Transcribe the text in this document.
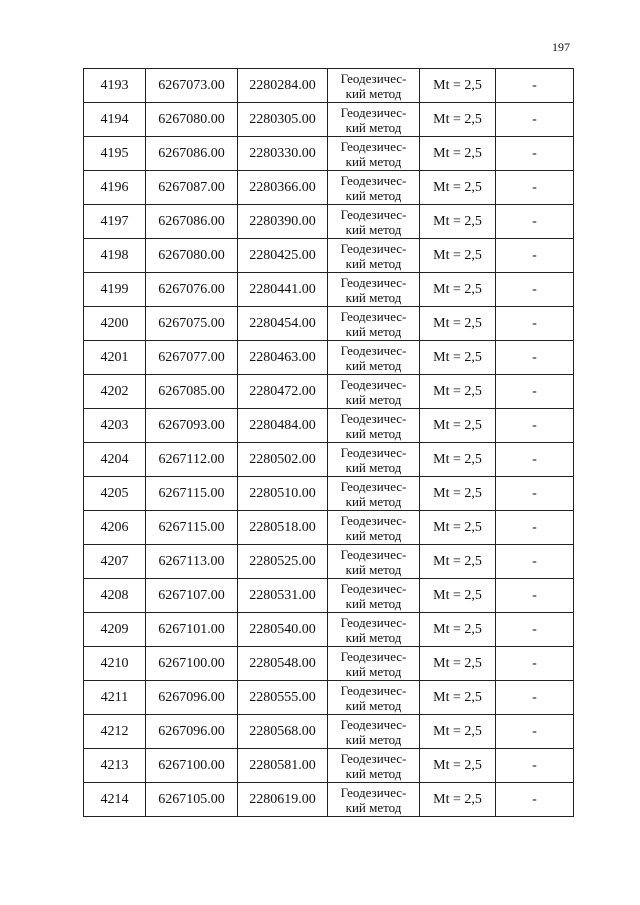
197
4193	6267073.00	2280284.00	Геодезичес-
кий метод	Mt = 2,5	-
4194	6267080.00	2280305.00	Геодезичес-
кий метод	Mt = 2,5	-
4195	6267086.00	2280330.00	Геодезичес-
кий метод	Mt = 2,5	-
4196	6267087.00	2280366.00	Геодезичес-
кий метод	Mt = 2,5	-
4197	6267086.00	2280390.00	Геодезичес-
кий метод	Mt = 2,5	-
4198	6267080.00	2280425.00	Геодезичес-
кий метод	Mt = 2,5	-
4199	6267076.00	2280441.00	Геодезичес-
кий метод	Mt = 2,5	-
4200	6267075.00	2280454.00	Геодезичес-
кий метод	Mt = 2,5	-
4201	6267077.00	2280463.00	Геодезичес-
кий метод	Mt = 2,5	-
4202	6267085.00	2280472.00	Геодезичес-
кий метод	Mt = 2,5	-
4203	6267093.00	2280484.00	Геодезичес-
кий метод	Mt = 2,5	-
4204	6267112.00	2280502.00	Геодезичес-
кий метод	Mt = 2,5	-
4205	6267115.00	2280510.00	Геодезичес-
кий метод	Mt = 2,5	-
4206	6267115.00	2280518.00	Геодезичес-
кий метод	Mt = 2,5	-
4207	6267113.00	2280525.00	Геодезичес-
кий метод	Mt = 2,5	-
4208	6267107.00	2280531.00	Геодезичес-
кий метод	Mt = 2,5	-
4209	6267101.00	2280540.00	Геодезичес-
кий метод	Mt = 2,5	-
4210	6267100.00	2280548.00	Геодезичес-
кий метод	Mt = 2,5	-
4211	6267096.00	2280555.00	Геодезичес-
кий метод	Mt = 2,5	-
4212	6267096.00	2280568.00	Геодезичес-
кий метод	Mt = 2,5	-
4213	6267100.00	2280581.00	Геодезичес-
кий метод	Mt = 2,5	-
4214	6267105.00	2280619.00	Геодезичес-
кий метод	Mt = 2,5	-
